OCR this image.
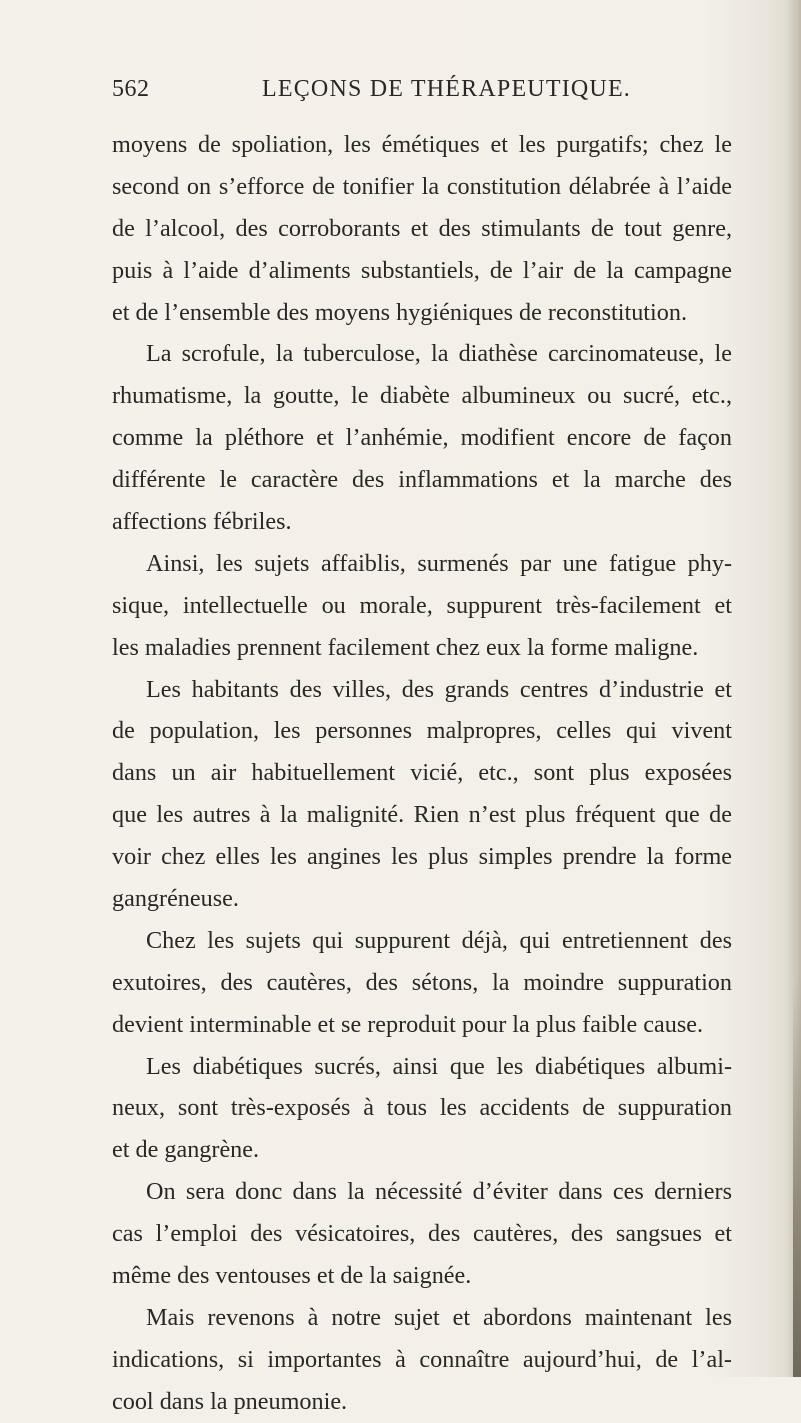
562	LEÇONS DE THÉRAPEUTIQUE.
moyens de spoliation, les émétiques et les purgatifs; chez le
second on s’efforce de tonifier la constitution délabrée à l’aide
de l’alcool, des corroborants et des stimulants de tout genre,
puis à l’aide d’aliments substantiels, de l’air de la campagne
et de l’ensemble des moyens hygiéniques de reconstitution.
La scrofule, la tuberculose, la diathèse carcinomateuse, le
rhumatisme, la goutte, le diabète albumineux ou sucré, etc.,
comme la pléthore et l’anhémie, modifient encore de façon
différente le caractère des inflammations et la marche des
affections fébriles.
Ainsi, les sujets affaiblis, surmenés par une fatigue phy-
sique, intellectuelle ou morale, suppurent très-facilement et
les maladies prennent facilement chez eux la forme maligne.
Les habitants des villes, des grands centres d’industrie et
de population, les personnes malpropres, celles qui vivent
dans un air habituellement vicié, etc., sont plus exposées
que les autres à la malignité. Rien n’est plus fréquent que de
voir chez elles les angines les plus simples prendre la forme
gangréneuse.
Chez les sujets qui suppurent déjà, qui entretiennent des
exutoires, des cautères, des sétons, la moindre suppuration
devient interminable et se reproduit pour la plus faible cause.
Les diabétiques sucrés, ainsi que les diabétiques albumi-
neux, sont très-exposés à tous les accidents de suppuration
et de gangrène.
On sera donc dans la nécessité d’éviter dans ces derniers
cas l’emploi des vésicatoires, des cautères, des sangsues et
même des ventouses et de la saignée.
Mais revenons à notre sujet et abordons maintenant les
indications, si importantes à connaître aujourd’hui, de l’al-
cool dans la pneumonie.
